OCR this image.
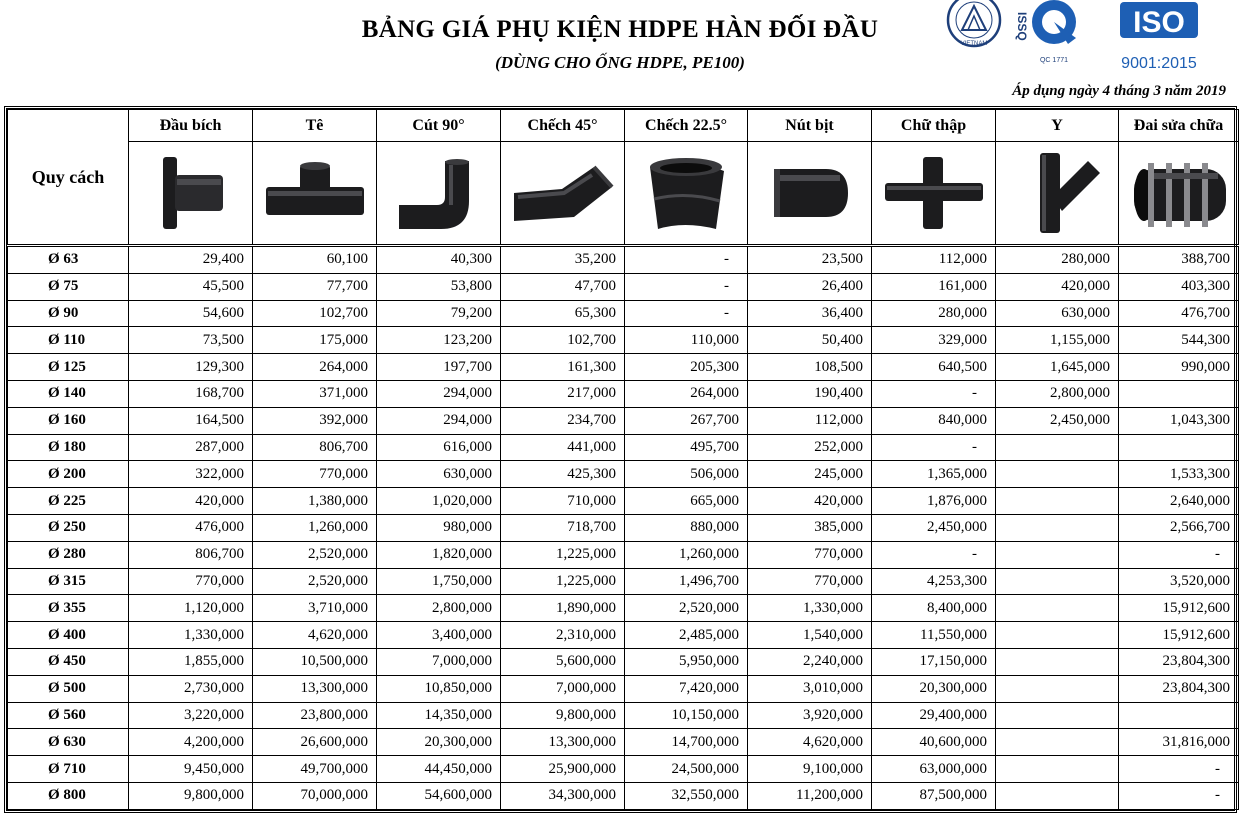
BẢNG GIÁ PHỤ KIỆN HDPE HÀN ĐỐI ĐẦU
(DÙNG CHO ỐNG HDPE, PE100)
Áp dụng ngày 4 tháng 3 năm 2019
VIETNAM
ISSQ
QC 1771
ISO
9001:2015
Quy cách	Đầu bích	Tê	Cút 90°	Chếch 45°	Chếch 22.5°	Nút bịt	Chữ thập	Y	Đai sửa chữa

Ø 63	29,400	60,100	40,300	35,200	-	23,500	112,000	280,000	388,700
Ø 75	45,500	77,700	53,800	47,700	-	26,400	161,000	420,000	403,300
Ø 90	54,600	102,700	79,200	65,300	-	36,400	280,000	630,000	476,700
Ø 110	73,500	175,000	123,200	102,700	110,000	50,400	329,000	1,155,000	544,300
Ø 125	129,300	264,000	197,700	161,300	205,300	108,500	640,500	1,645,000	990,000
Ø 140	168,700	371,000	294,000	217,000	264,000	190,400	-	2,800,000	
Ø 160	164,500	392,000	294,000	234,700	267,700	112,000	840,000	2,450,000	1,043,300
Ø 180	287,000	806,700	616,000	441,000	495,700	252,000	-		
Ø 200	322,000	770,000	630,000	425,300	506,000	245,000	1,365,000		1,533,300
Ø 225	420,000	1,380,000	1,020,000	710,000	665,000	420,000	1,876,000		2,640,000
Ø 250	476,000	1,260,000	980,000	718,700	880,000	385,000	2,450,000		2,566,700
Ø 280	806,700	2,520,000	1,820,000	1,225,000	1,260,000	770,000	-		-
Ø 315	770,000	2,520,000	1,750,000	1,225,000	1,496,700	770,000	4,253,300		3,520,000
Ø 355	1,120,000	3,710,000	2,800,000	1,890,000	2,520,000	1,330,000	8,400,000		15,912,600
Ø 400	1,330,000	4,620,000	3,400,000	2,310,000	2,485,000	1,540,000	11,550,000		15,912,600
Ø 450	1,855,000	10,500,000	7,000,000	5,600,000	5,950,000	2,240,000	17,150,000		23,804,300
Ø 500	2,730,000	13,300,000	10,850,000	7,000,000	7,420,000	3,010,000	20,300,000		23,804,300
Ø 560	3,220,000	23,800,000	14,350,000	9,800,000	10,150,000	3,920,000	29,400,000		
Ø 630	4,200,000	26,600,000	20,300,000	13,300,000	14,700,000	4,620,000	40,600,000		31,816,000
Ø 710	9,450,000	49,700,000	44,450,000	25,900,000	24,500,000	9,100,000	63,000,000		-
Ø 800	9,800,000	70,000,000	54,600,000	34,300,000	32,550,000	11,200,000	87,500,000		-
